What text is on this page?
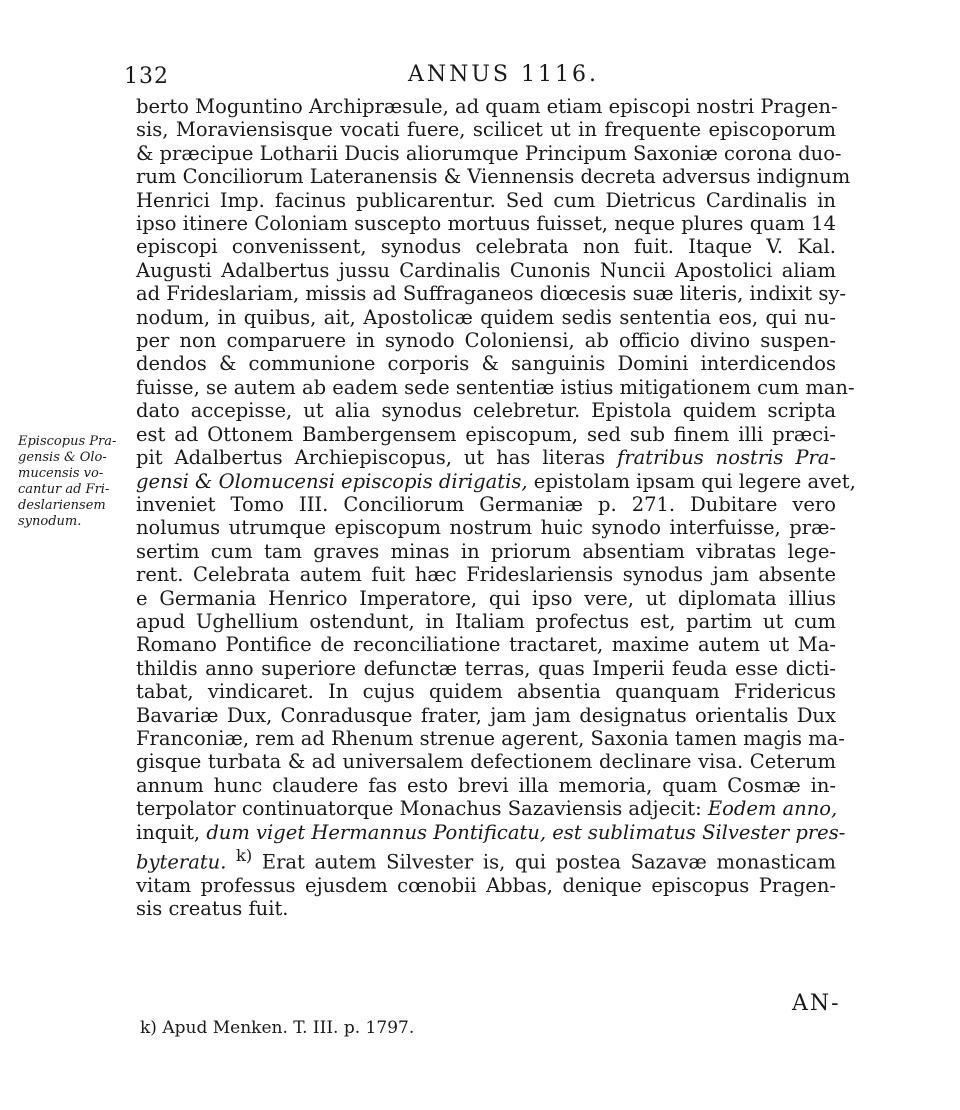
132	ANNUS 1116.
berto Moguntino Archipræsule, ad quam etiam episcopi nostri Pragen-
sis, Moraviensisque vocati fuere, scilicet ut in frequente episcoporum
& præcipue Lotharii Ducis aliorumque Principum Saxoniæ corona duo-
rum Conciliorum Lateranensis & Viennensis decreta adversus indignum
Henrici Imp. facinus publicarentur. Sed cum Dietricus Cardinalis in
ipso itinere Coloniam suscepto mortuus fuisset, neque plures quam 14
episcopi convenissent, synodus celebrata non fuit. Itaque V. Kal.
Augusti Adalbertus jussu Cardinalis Cunonis Nuncii Apostolici aliam
ad Frideslariam, missis ad Suffraganeos diœcesis suæ literis, indixit sy-
nodum, in quibus, ait, Apostolicæ quidem sedis sententia eos, qui nu-
per non comparuere in synodo Coloniensi, ab officio divino suspen-
dendos & communione corporis & sanguinis Domini interdicendos
fuisse, se autem ab eadem sede sententiæ istius mitigationem cum man-
dato accepisse, ut alia synodus celebretur. Epistola quidem scripta
est ad Ottonem Bambergensem episcopum, sed sub finem illi præci-
pit Adalbertus Archiepiscopus, ut has literas fratribus nostris Pra-
gensi & Olomucensi episcopis dirigatis, epistolam ipsam qui legere avet,
inveniet Tomo III. Conciliorum Germaniæ p. 271. Dubitare vero
nolumus utrumque episcopum nostrum huic synodo interfuisse, præ-
sertim cum tam graves minas in priorum absentiam vibratas lege-
rent. Celebrata autem fuit hæc Frideslariensis synodus jam absente
e Germania Henrico Imperatore, qui ipso vere, ut diplomata illius
apud Ughellium ostendunt, in Italiam profectus est, partim ut cum
Romano Pontifice de reconciliatione tractaret, maxime autem ut Ma-
thildis anno superiore defunctæ terras, quas Imperii feuda esse dicti-
tabat, vindicaret. In cujus quidem absentia quanquam Fridericus
Bavariæ Dux, Conradusque frater, jam jam designatus orientalis Dux
Franconiæ, rem ad Rhenum strenue agerent, Saxonia tamen magis ma-
gisque turbata & ad universalem defectionem declinare visa. Ceterum
annum hunc claudere fas esto brevi illa memoria, quam Cosmæ in-
terpolator continuatorque Monachus Sazaviensis adjecit: Eodem anno,
inquit, dum viget Hermannus Pontificatu, est sublimatus Silvester pres-
byteratu. $^{k)}$ Erat autem Silvester is, qui postea Sazavæ monasticam
vitam professus ejusdem cœnobii Abbas, denique episcopus Pragen-
sis creatus fuit.
Episcopus Pra-
gensis & Olo-
mucensis vo-
cantur ad Fri-
deslariensem
synodum.
AN-
k) Apud Menken. T. III. p. 1797.
